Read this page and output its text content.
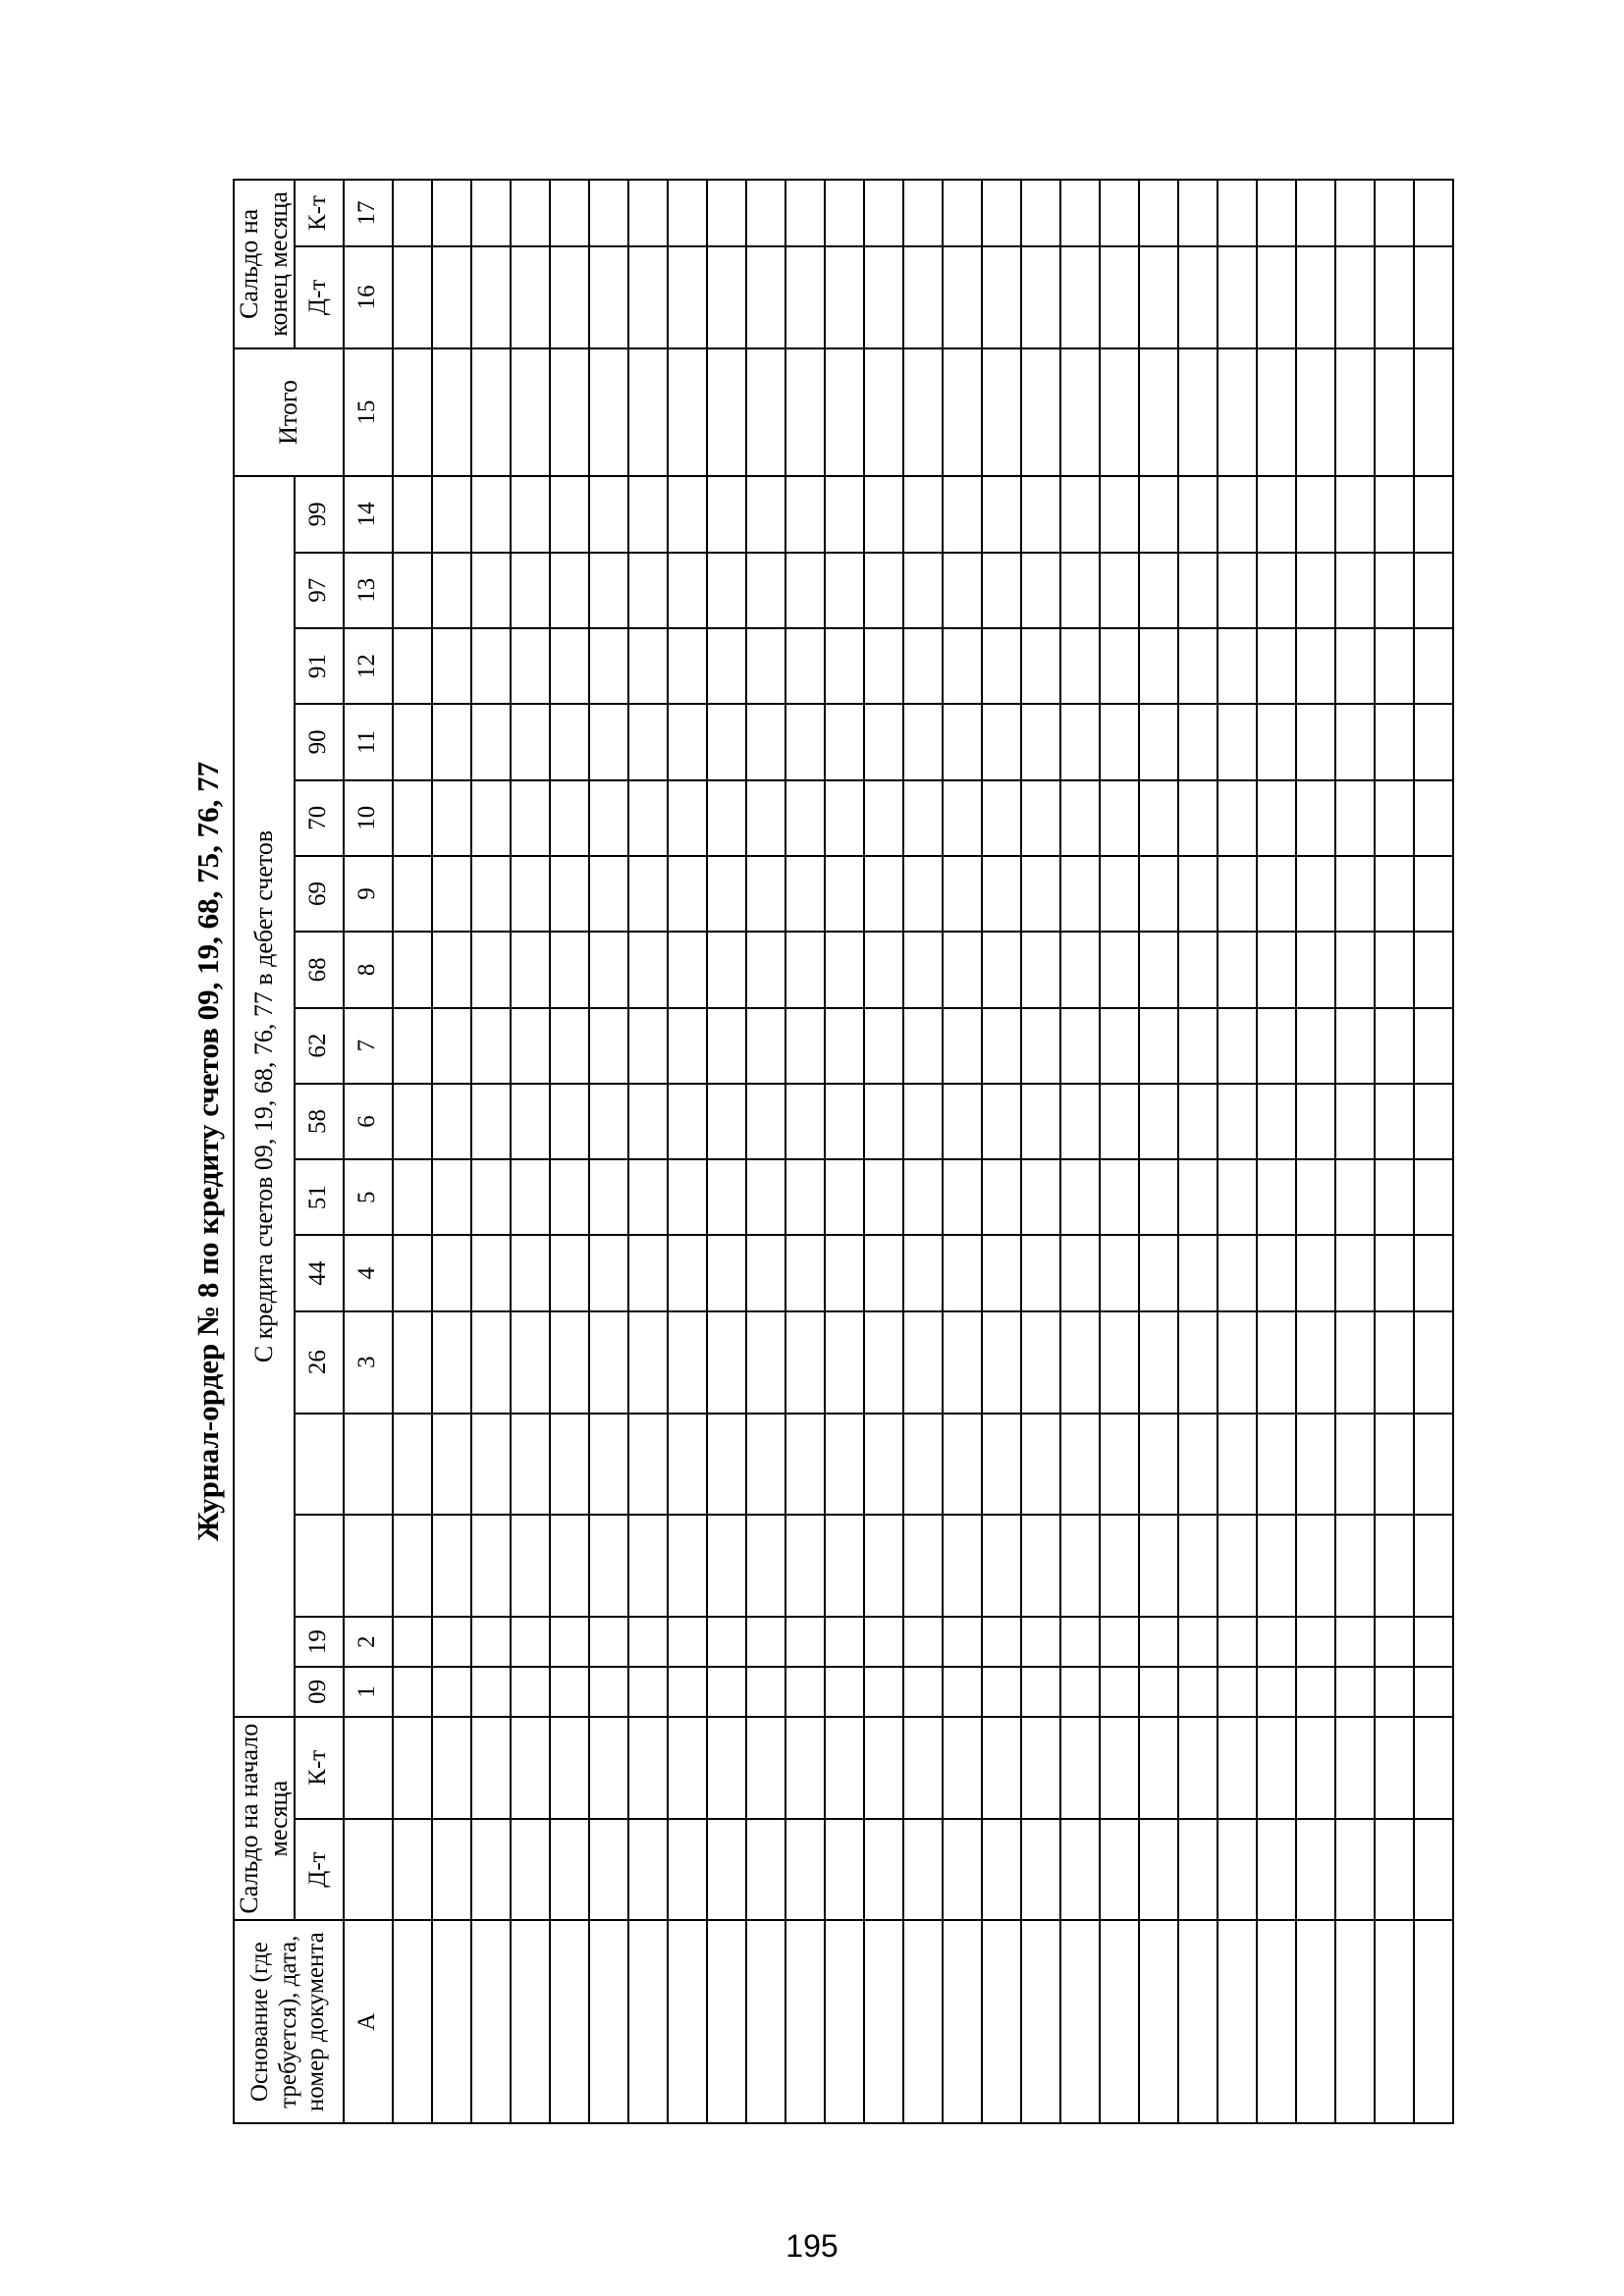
Журнал-ордер № 8 по кредиту счетов 09, 19, 68, 75, 76, 77
Основание (где требуется), дата, номер документа	Сальдо на начало месяца		С кредита счетов 09, 19, 68, 76, 77 в дебет счетов																Итого	Сальдо на конец месяца	
	Д-т	К-т	09	19			26	44	51	58	62	68	69	70	90	91	97	99		Д-т	К-т
А			1	2			3	4	5	6	7	8	9	10	11	12	13	14	15	16	17

195
